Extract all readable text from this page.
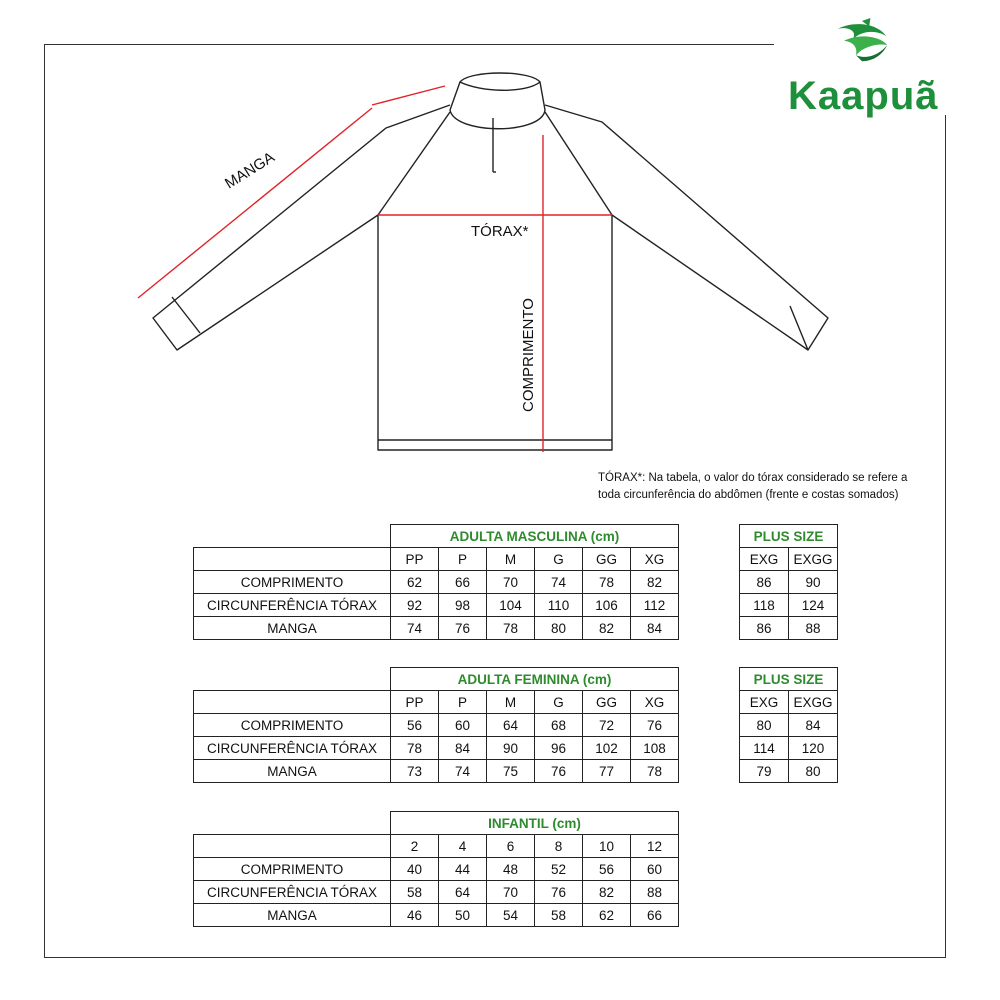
Kaapuã
MANGA
TÓRAX*
COMPRIMENTO
TÓRAX*: Na tabela, o valor do tórax considerado se refere a
toda circunferência do abdômen (frente e costas somados)
	ADULTA MASCULINA (cm)					
	PP	P	M	G	GG	XG
COMPRIMENTO	62	66	70	74	78	82
CIRCUNFERÊNCIA TÓRAX	92	98	104	110	106	112
MANGA	74	76	78	80	82	84
PLUS SIZE	
EXG	EXGG
86	90
118	124
86	88
	ADULTA FEMININA (cm)					
	PP	P	M	G	GG	XG
COMPRIMENTO	56	60	64	68	72	76
CIRCUNFERÊNCIA TÓRAX	78	84	90	96	102	108
MANGA	73	74	75	76	77	78
PLUS SIZE	
EXG	EXGG
80	84
114	120
79	80
	INFANTIL (cm)					
	2	4	6	8	10	12
COMPRIMENTO	40	44	48	52	56	60
CIRCUNFERÊNCIA TÓRAX	58	64	70	76	82	88
MANGA	46	50	54	58	62	66
